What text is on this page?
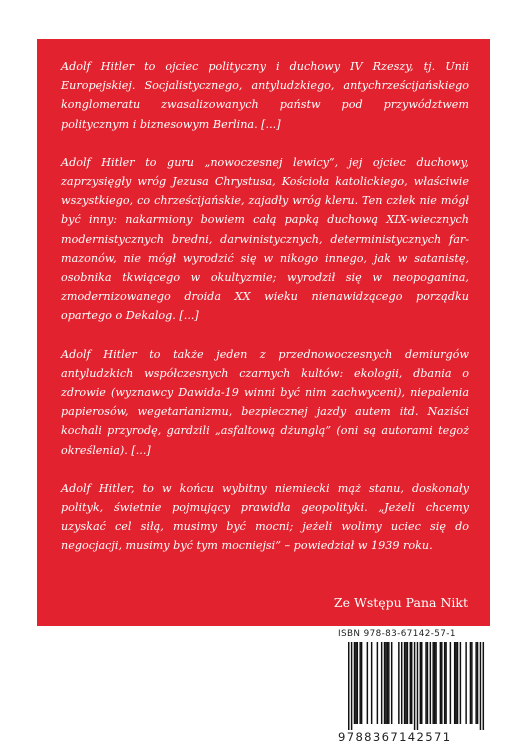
Adolf Hitler to ojciec polityczny i duchowy IV Rzeszy, tj. Unii Europejskiej. Socjalistycznego, antyludzkiego, antychrześcijańskiego konglomeratu zwasalizowanych państw pod przywództwem politycznym i biznesowym Berlina. [...]

Adolf Hitler to guru „nowoczesnej lewicy”, jej ojciec duchowy, zaprzysięgły wróg Jezusa Chrystusa, Kościoła katolickiego, właściwie wszystkiego, co chrześcijańskie, zajadły wróg kleru. Ten człek nie mógł być inny: nakarmiony bowiem całą papką duchową XIX-wiecznych modernistycznych bredni, darwinistycznych, deterministycznych farmazonów, nie mógł wyrodzić się w nikogo innego, jak w satanistę, osobnika tkwiącego w okultyzmie; wyrodził się w neopoganina, zmodernizowanego droida XX wieku nienawidzącego porządku opartego o Dekalog. [...]

Adolf Hitler to także jeden z przednowoczesnych demiurgów antyludzkich współczesnych czarnych kultów: ekologii, dbania o zdrowie (wyznawcy Dawida-19 winni być nim zachwyceni), niepalenia papierosów, wegetarianizmu, bezpiecznej jazdy autem itd. Naziści kochali przyrodę, gardzili „asfaltową dżunglą” (oni są autorami tegoż określenia). [...]

Adolf Hitler, to w końcu wybitny niemiecki mąż stanu, doskonały polityk, świetnie pojmujący prawidła geopolityki. „Jeżeli chcemy uzyskać cel siłą, musimy być mocni; jeżeli wolimy uciec się do negocjacji, musimy być tym mocniejsi” – powiedział w 1939 roku.

Ze Wstępu Pana Nikt
ISBN 978-83-67142-57-1
9788367142571
